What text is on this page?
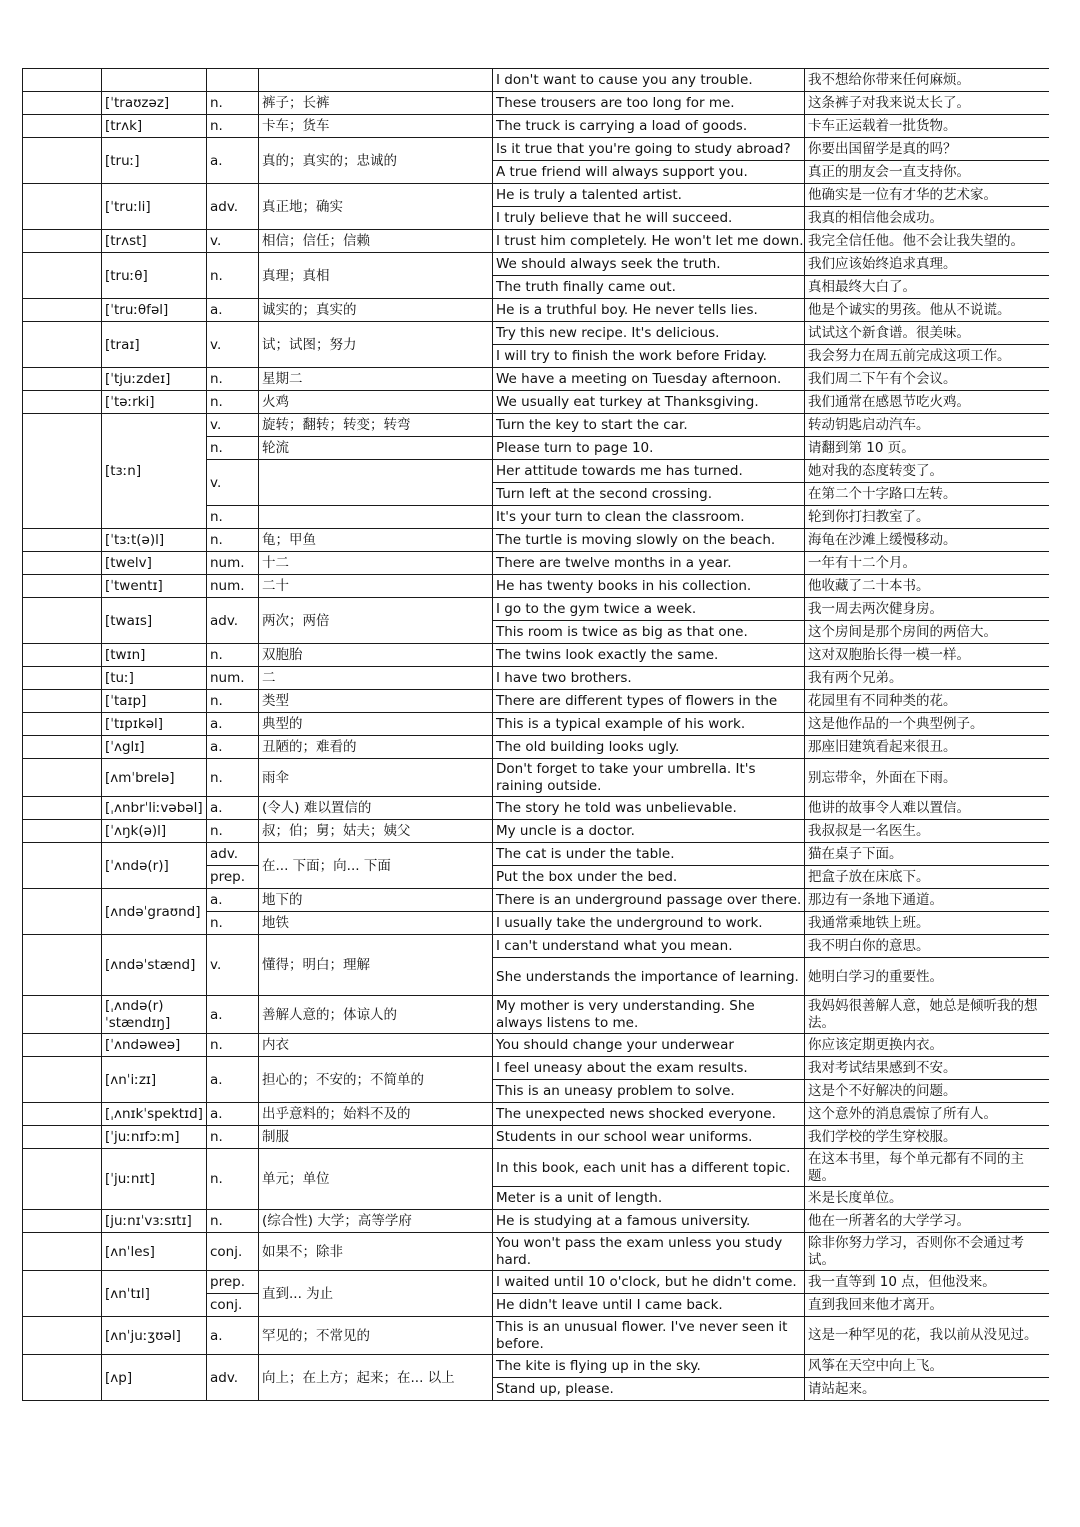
				I don't want to cause you any trouble.	我不想给你带来任何麻烦。
	[ˈtraʊzəz]	n.	裤子；长裤	These trousers are too long for me.	这条裤子对我来说太长了。
	[trʌk]	n.	卡车；货车	The truck is carrying a load of goods.	卡车正运载着一批货物。
	[truː]	a.	真的；真实的；忠诚的	Is it true that you're going to study abroad?	你要出国留学是真的吗？
				A true friend will always support you.	真正的朋友会一直支持你。
	[ˈtruːli]	adv.	真正地；确实	He is truly a talented artist.	他确实是一位有才华的艺术家。
				I truly believe that he will succeed.	我真的相信他会成功。
	[trʌst]	v.	相信；信任；信赖	I trust him completely. He won't let me down.	我完全信任他。他不会让我失望的。
	[truːθ]	n.	真理；真相	We should always seek the truth.	我们应该始终追求真理。
				The truth finally came out.	真相最终大白了。
	[ˈtruːθfəl]	a.	诚实的；真实的	He is a truthful boy. He never tells lies.	他是个诚实的男孩。他从不说谎。
	[traɪ]	v.	试；试图；努力	Try this new recipe. It's delicious.	试试这个新食谱。很美味。
				I will try to finish the work before Friday.	我会努力在周五前完成这项工作。
	[ˈtjuːzdeɪ]	n.	星期二	We have a meeting on Tuesday afternoon.	我们周二下午有个会议。
	[ˈtəːrki]	n.	火鸡	We usually eat turkey at Thanksgiving.	我们通常在感恩节吃火鸡。
	[tɜːn]	v.	旋转；翻转；转变；转弯	Turn the key to start the car.	转动钥匙启动汽车。
		n.	轮流	Please turn to page 10.	请翻到第 10 页。
		v.		Her attitude towards me has turned.	她对我的态度转变了。
				Turn left at the second crossing.	在第二个十字路口左转。
		n.		It's your turn to clean the classroom.	轮到你打扫教室了。
	[ˈtɜːt(ə)l]	n.	龟；甲鱼	The turtle is moving slowly on the beach.	海龟在沙滩上缓慢移动。
	[twelv]	num.	十二	There are twelve months in a year.	一年有十二个月。
	[ˈtwentɪ]	num.	二十	He has twenty books in his collection.	他收藏了二十本书。
	[twaɪs]	adv.	两次；两倍	I go to the gym twice a week.	我一周去两次健身房。
				This room is twice as big as that one.	这个房间是那个房间的两倍大。
	[twɪn]	n.	双胞胎	The twins look exactly the same.	这对双胞胎长得一模一样。
	[tuː]	num.	二	I have two brothers.	我有两个兄弟。
	[ˈtaɪp]	n.	类型	There are different types of flowers in the	花园里有不同种类的花。
	[ˈtɪpɪkəl]	a.	典型的	This is a typical example of his work.	这是他作品的一个典型例子。
	[ˈʌglɪ]	a.	丑陋的；难看的	The old building looks ugly.	那座旧建筑看起来很丑。
	[ʌmˈbrelə]	n.	雨伞	Don't forget to take your umbrella. It's raining outside.	别忘带伞，外面在下雨。
	[ˌʌnbrˈliːvəbəl]	a.	(令人) 难以置信的	The story he told was unbelievable.	他讲的故事令人难以置信。
	[ˈʌŋk(ə)l]	n.	叔；伯；舅；姑夫；姨父	My uncle is a doctor.	我叔叔是一名医生。
	[ˈʌndə(r)]	adv.	在... 下面；向... 下面	The cat is under the table.	猫在桌子下面。
		prep.		Put the box under the bed.	把盒子放在床底下。
	[ʌndəˈgraʊnd]	a.	地下的	There is an underground passage over there.	那边有一条地下通道。
		n.	地铁	I usually take the underground to work.	我通常乘地铁上班。
	[ʌndəˈstænd]	v.	懂得；明白；理解	I can't understand what you mean.	我不明白你的意思。
				She understands the importance of learning.	她明白学习的重要性。
	[ˌʌndə(r)ˈstændɪŋ]	a.	善解人意的；体谅人的	My mother is very understanding. She always listens to me.	我妈妈很善解人意，她总是倾听我的想法。
	[ˈʌndəweə]	n.	内衣	You should change your underwear	你应该定期更换内衣。
	[ʌnˈiːzɪ]	a.	担心的；不安的；不简单的	I feel uneasy about the exam results.	我对考试结果感到不安。
				This is an uneasy problem to solve.	这是个不好解决的问题。
	[ˌʌnɪkˈspektɪd]	a.	出乎意料的；始料不及的	The unexpected news shocked everyone.	这个意外的消息震惊了所有人。
	[ˈjuːnɪfɔːm]	n.	制服	Students in our school wear uniforms.	我们学校的学生穿校服。
	[ˈjuːnɪt]	n.	单元；单位	In this book, each unit has a different topic.	在这本书里，每个单元都有不同的主题。
				Meter is a unit of length.	米是长度单位。
	[juːnɪˈvɜːsɪtɪ]	n.	(综合性) 大学；高等学府	He is studying at a famous university.	他在一所著名的大学学习。
	[ʌnˈles]	conj.	如果不；除非	You won't pass the exam unless you study hard.	除非你努力学习，否则你不会通过考试。
	[ʌnˈtɪl]	prep.	直到... 为止	I waited until 10 o'clock, but he didn't come.	我一直等到 10 点，但他没来。
		conj.		He didn't leave until I came back.	直到我回来他才离开。
	[ʌnˈjuːʒʊəl]	a.	罕见的；不常见的	This is an unusual flower. I've never seen it before.	这是一种罕见的花，我以前从没见过。
	[ʌp]	adv.	向上；在上方；起来；在... 以上	The kite is flying up in the sky.	风筝在天空中向上飞。
				Stand up, please.	请站起来。
